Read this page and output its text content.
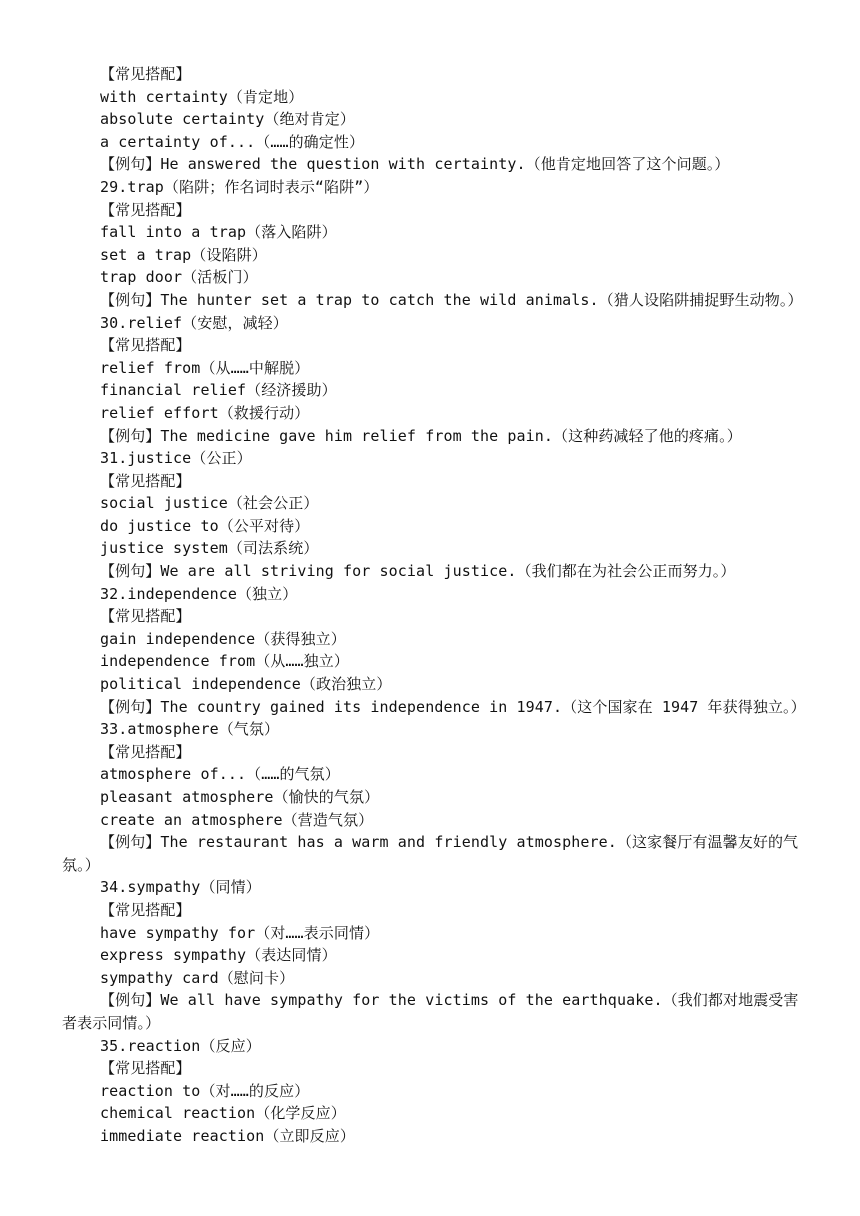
【常见搭配】
with certainty（肯定地）
absolute certainty（绝对肯定）
a certainty of...（……的确定性）
【例句】He answered the question with certainty.（他肯定地回答了这个问题。）
29.trap（陷阱；作名词时表示“陷阱”）
【常见搭配】
fall into a trap（落入陷阱）
set a trap（设陷阱）
trap door（活板门）
【例句】The hunter set a trap to catch the wild animals.（猎人设陷阱捕捉野生动物。）
30.relief（安慰，减轻）
【常见搭配】
relief from（从……中解脱）
financial relief（经济援助）
relief effort（救援行动）
【例句】The medicine gave him relief from the pain.（这种药减轻了他的疼痛。）
31.justice（公正）
【常见搭配】
social justice（社会公正）
do justice to（公平对待）
justice system（司法系统）
【例句】We are all striving for social justice.（我们都在为社会公正而努力。）
32.independence（独立）
【常见搭配】
gain independence（获得独立）
independence from（从……独立）
political independence（政治独立）
【例句】The country gained its independence in 1947.（这个国家在 1947 年获得独立。）
33.atmosphere（气氛）
【常见搭配】
atmosphere of...（……的气氛）
pleasant atmosphere（愉快的气氛）
create an atmosphere（营造气氛）
【例句】The restaurant has a warm and friendly atmosphere.（这家餐厅有温馨友好的气氛。）
34.sympathy（同情）
【常见搭配】
have sympathy for（对……表示同情）
express sympathy（表达同情）
sympathy card（慰问卡）
【例句】We all have sympathy for the victims of the earthquake.（我们都对地震受害者表示同情。）
35.reaction（反应）
【常见搭配】
reaction to（对……的反应）
chemical reaction（化学反应）
immediate reaction（立即反应）
